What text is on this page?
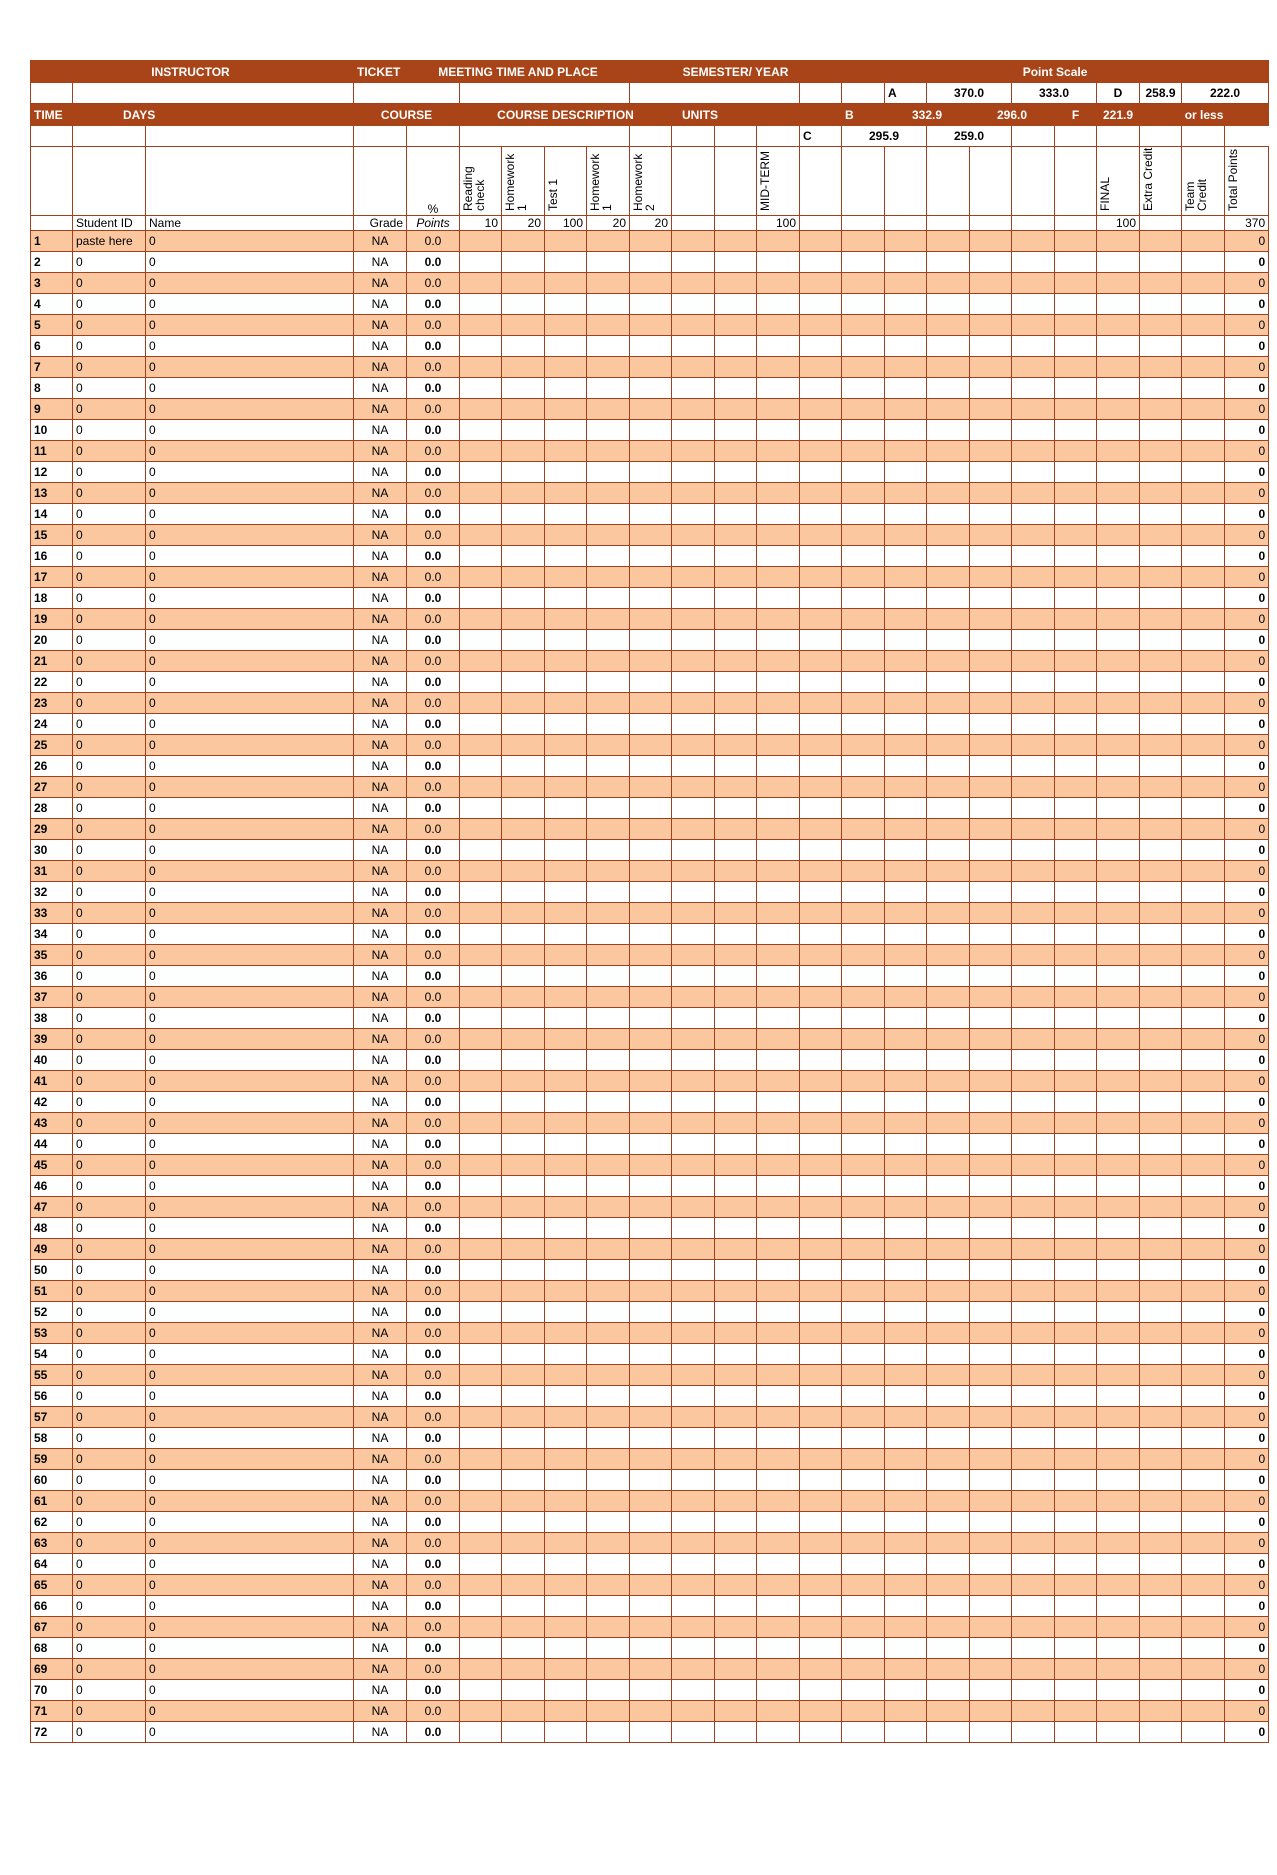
INSTRUCTOR			TICKET	MEETING TIME AND PLACE					SEMESTER/ YEAR					Point Scale									
															A	370.0		333.0		D	258.9	222.0	
TIME	DAYS		COURSE		COURSE DESCRIPTION					UNITS				B	332.9		296.0		F	221.9	or less		
													C	295.9		259.0							
				%	Reading check	Homework 1	Test 1	Homework 1	Homework 2			MID-TERM								FINAL	Extra Credit	Team Credit	Total Points
	Student ID	Name	Grade	Points	10	20	100	20	20			100								100			370
1	paste here	0	NA	0.0																			0
2	0	0	NA	0.0																			0
3	0	0	NA	0.0																			0
4	0	0	NA	0.0																			0
5	0	0	NA	0.0																			0
6	0	0	NA	0.0																			0
7	0	0	NA	0.0																			0
8	0	0	NA	0.0																			0
9	0	0	NA	0.0																			0
10	0	0	NA	0.0																			0
11	0	0	NA	0.0																			0
12	0	0	NA	0.0																			0
13	0	0	NA	0.0																			0
14	0	0	NA	0.0																			0
15	0	0	NA	0.0																			0
16	0	0	NA	0.0																			0
17	0	0	NA	0.0																			0
18	0	0	NA	0.0																			0
19	0	0	NA	0.0																			0
20	0	0	NA	0.0																			0
21	0	0	NA	0.0																			0
22	0	0	NA	0.0																			0
23	0	0	NA	0.0																			0
24	0	0	NA	0.0																			0
25	0	0	NA	0.0																			0
26	0	0	NA	0.0																			0
27	0	0	NA	0.0																			0
28	0	0	NA	0.0																			0
29	0	0	NA	0.0																			0
30	0	0	NA	0.0																			0
31	0	0	NA	0.0																			0
32	0	0	NA	0.0																			0
33	0	0	NA	0.0																			0
34	0	0	NA	0.0																			0
35	0	0	NA	0.0																			0
36	0	0	NA	0.0																			0
37	0	0	NA	0.0																			0
38	0	0	NA	0.0																			0
39	0	0	NA	0.0																			0
40	0	0	NA	0.0																			0
41	0	0	NA	0.0																			0
42	0	0	NA	0.0																			0
43	0	0	NA	0.0																			0
44	0	0	NA	0.0																			0
45	0	0	NA	0.0																			0
46	0	0	NA	0.0																			0
47	0	0	NA	0.0																			0
48	0	0	NA	0.0																			0
49	0	0	NA	0.0																			0
50	0	0	NA	0.0																			0
51	0	0	NA	0.0																			0
52	0	0	NA	0.0																			0
53	0	0	NA	0.0																			0
54	0	0	NA	0.0																			0
55	0	0	NA	0.0																			0
56	0	0	NA	0.0																			0
57	0	0	NA	0.0																			0
58	0	0	NA	0.0																			0
59	0	0	NA	0.0																			0
60	0	0	NA	0.0																			0
61	0	0	NA	0.0																			0
62	0	0	NA	0.0																			0
63	0	0	NA	0.0																			0
64	0	0	NA	0.0																			0
65	0	0	NA	0.0																			0
66	0	0	NA	0.0																			0
67	0	0	NA	0.0																			0
68	0	0	NA	0.0																			0
69	0	0	NA	0.0																			0
70	0	0	NA	0.0																			0
71	0	0	NA	0.0																			0
72	0	0	NA	0.0																			0
